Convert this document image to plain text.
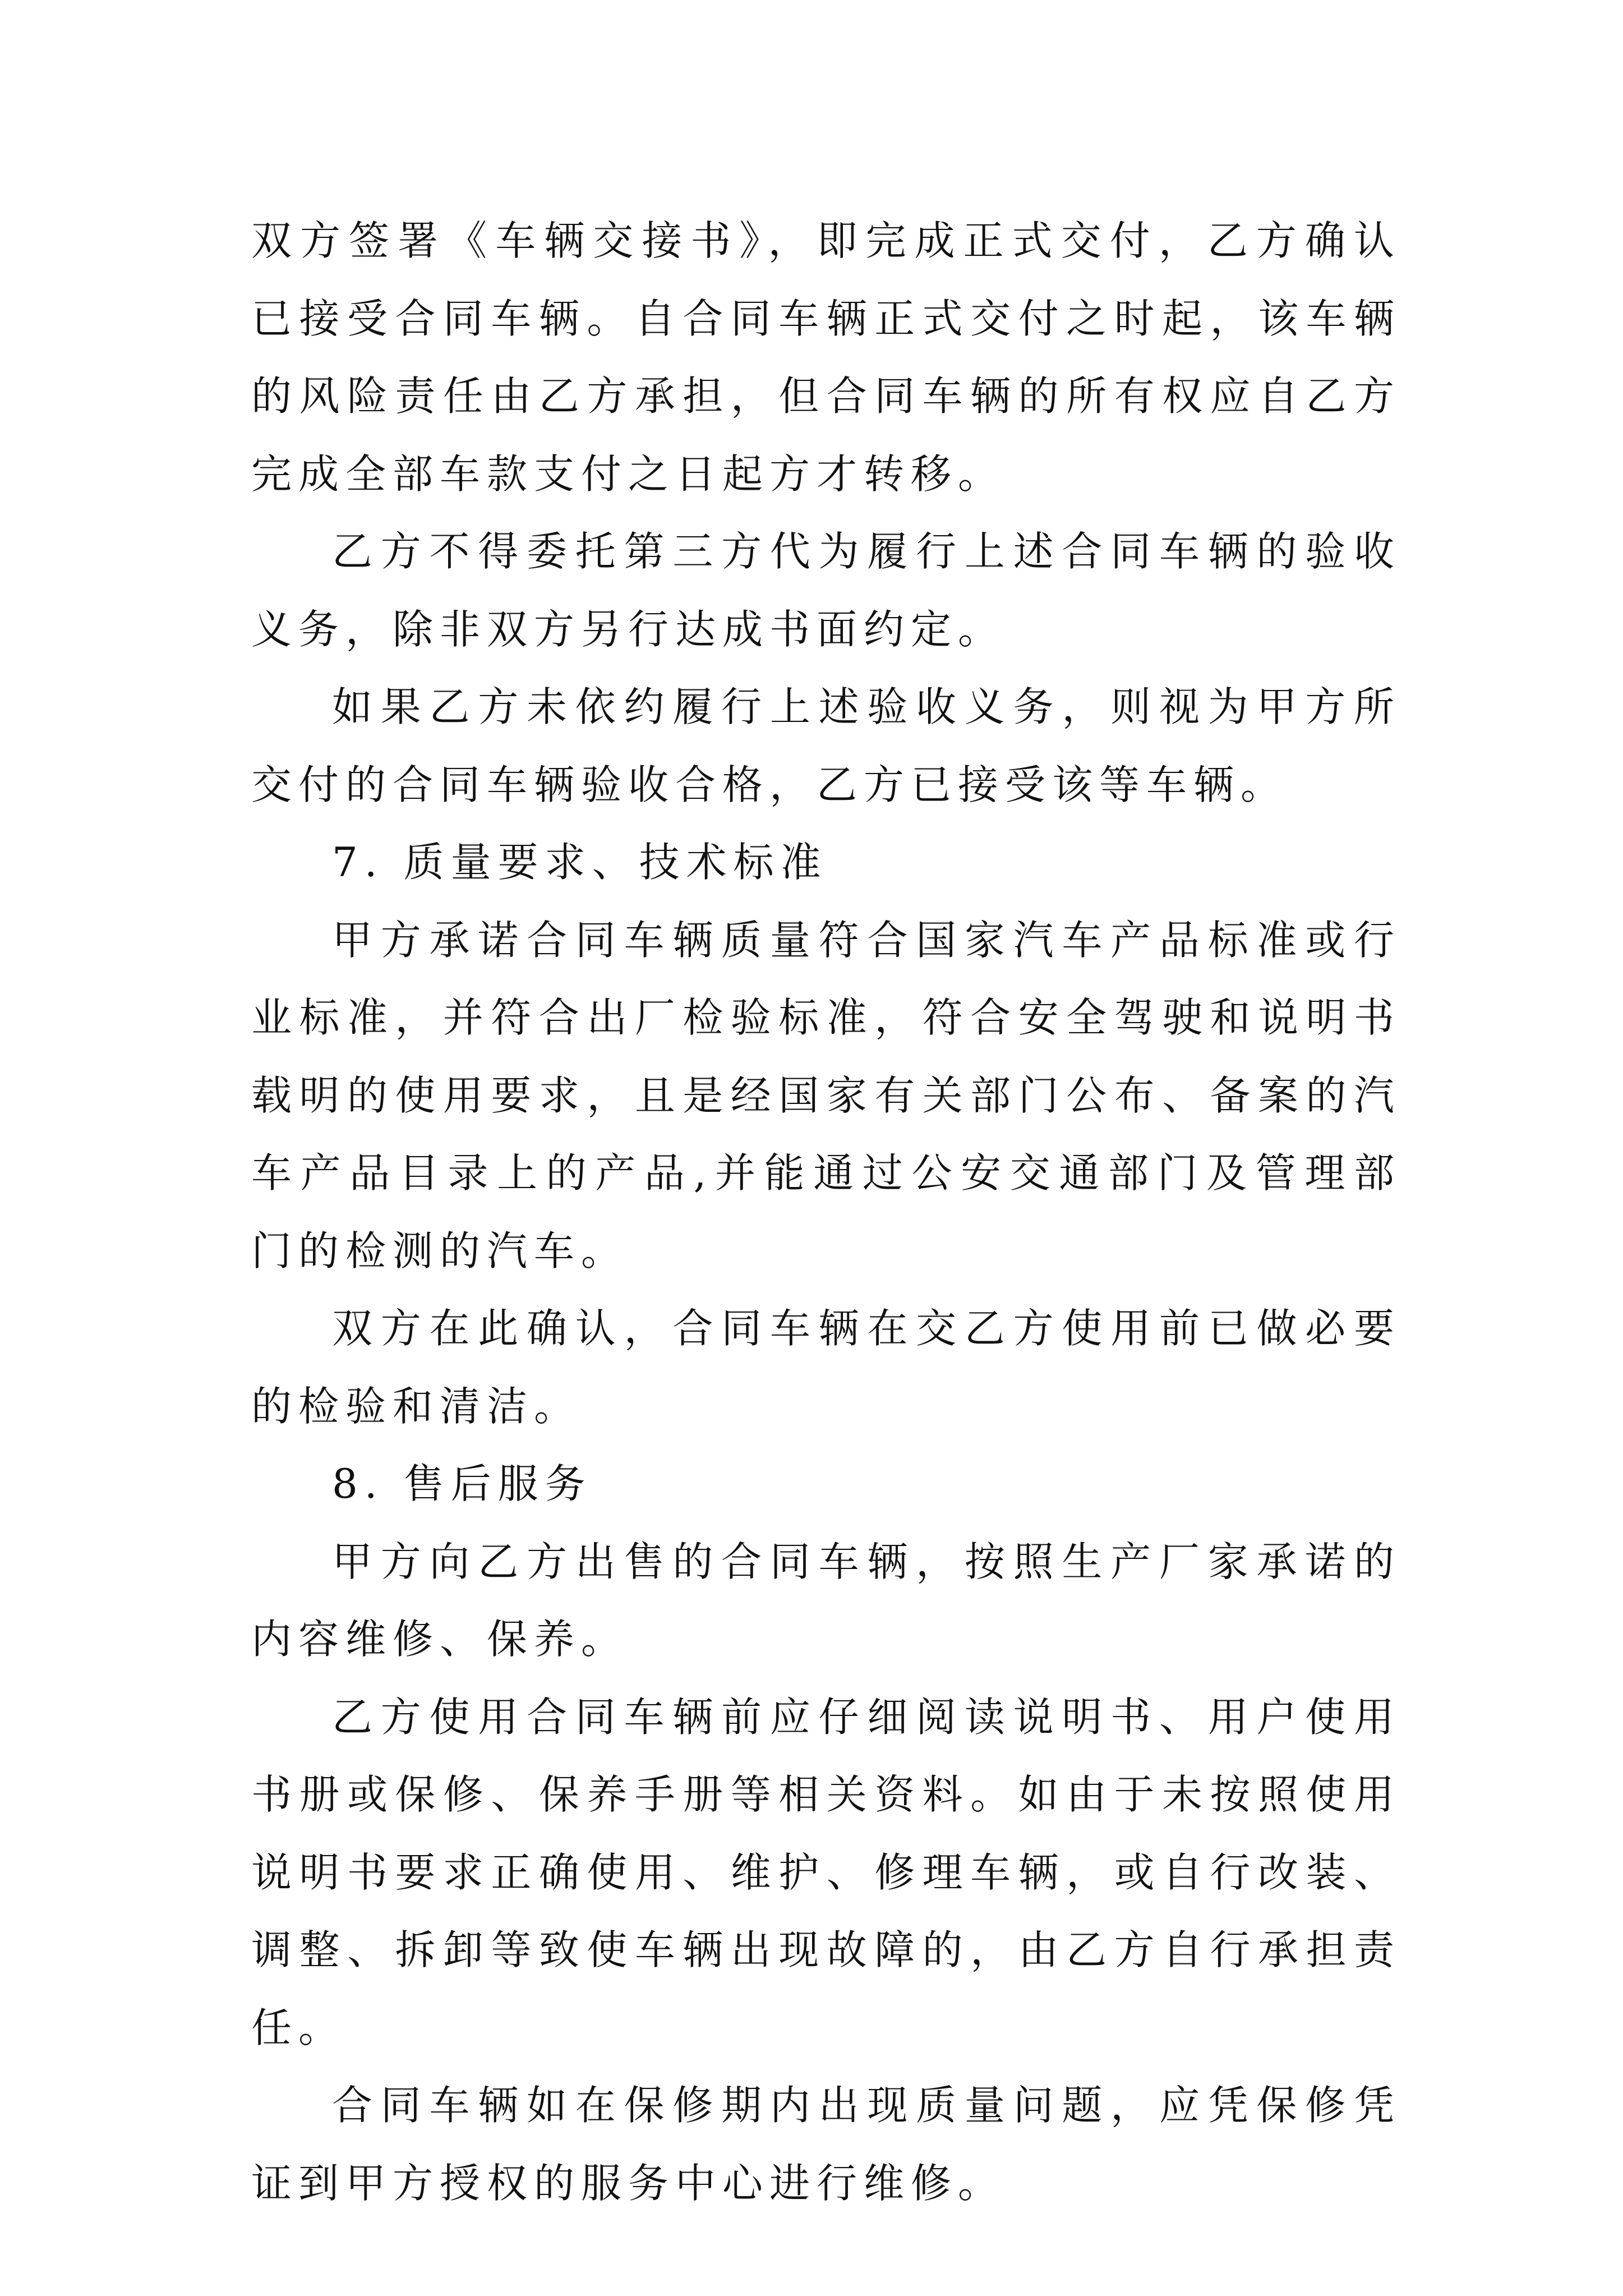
双方签署《车辆交接书》，即完成正式交付，乙方确认已接受合同车辆。自合同车辆正式交付之时起，该车辆的风险责任由乙方承担，但合同车辆的所有权应自乙方完成全部车款支付之日起方才转移。

乙方不得委托第三方代为履行上述合同车辆的验收义务，除非双方另行达成书面约定。

如果乙方未依约履行上述验收义务，则视为甲方所交付的合同车辆验收合格，乙方已接受该等车辆。

7. 质量要求、技术标准

甲方承诺合同车辆质量符合国家汽车产品标准或行业标准，并符合出厂检验标准，符合安全驾驶和说明书载明的使用要求，且是经国家有关部门公布、备案的汽车产品目录上的产品,并能通过公安交通部门及管理部门的检测的汽车。

双方在此确认，合同车辆在交乙方使用前已做必要的检验和清洁。

8. 售后服务

甲方向乙方出售的合同车辆，按照生产厂家承诺的内容维修、保养。

乙方使用合同车辆前应仔细阅读说明书、用户使用书册或保修、保养手册等相关资料。如由于未按照使用说明书要求正确使用、维护、修理车辆，或自行改装、调整、拆卸等致使车辆出现故障的，由乙方自行承担责任。

合同车辆如在保修期内出现质量问题，应凭保修凭证到甲方授权的服务中心进行维修。
